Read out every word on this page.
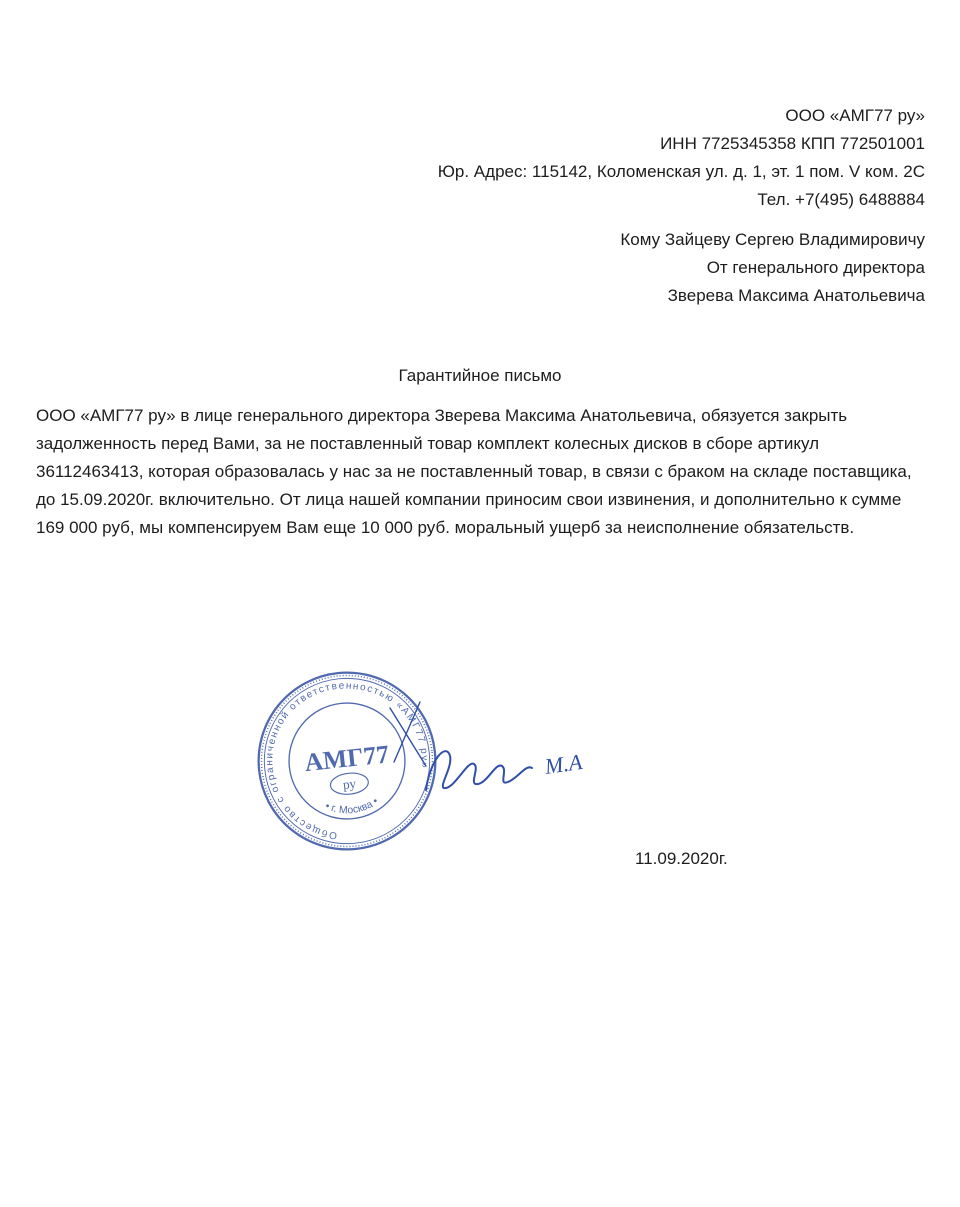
ООО «АМГ77 ру»
ИНН 7725345358 КПП 772501001
Юр. Адрес: 115142, Коломенская ул. д. 1, эт. 1 пом. V ком. 2С
Тел. +7(495) 6488884
Кому Зайцеву Сергею Владимировичу
От генерального директора
Зверева Максима Анатольевича
Гарантийное письмо
ООО «АМГ77 ру» в лице генерального директора Зверева Максима Анатольевича, обязуется закрыть задолженность перед Вами, за не поставленный товар комплект колесных дисков в сборе артикул 36112463413, которая образовалась у нас за не поставленный товар, в связи с браком на складе поставщика, до 15.09.2020г. включительно. От лица нашей компании приносим свои извинения, и дополнительно к сумме 169 000 руб, мы компенсируем Вам еще 10 000 руб. моральный ущерб за неисполнение обязательств.
Общество с ограниченной ответственностью «АМГ77 ру»
АМГ77
ру
• г. Москва •
М.А
11.09.2020г.
